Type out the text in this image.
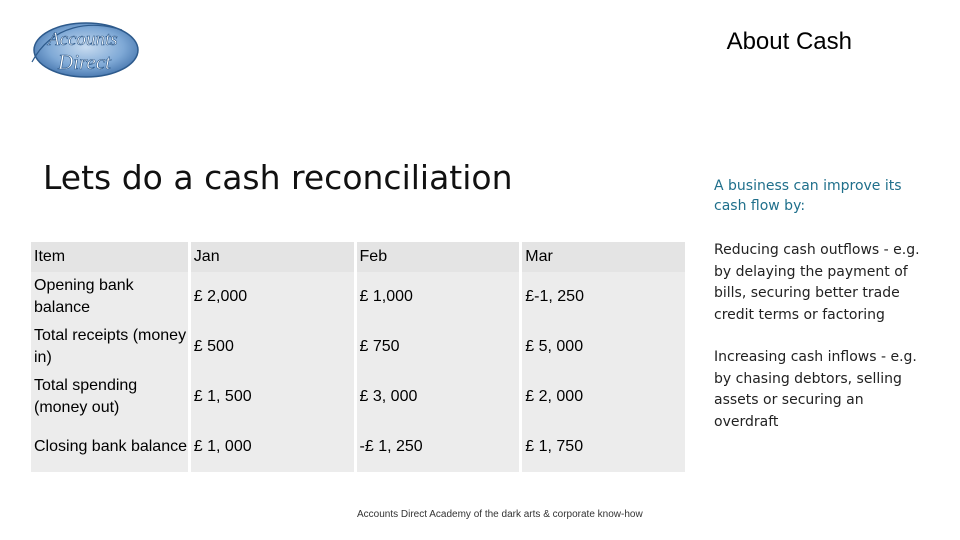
Accounts
Direct
About Cash
Lets do a cash reconciliation
Item	Jan	Feb	Mar
Opening bank balance	£ 2,000	£ 1,000	£-1, 250
Total receipts (money in)	£ 500	£ 750	£ 5, 000
Total spending (money out)	£ 1, 500	£ 3, 000	£ 2, 000
Closing bank balance	£ 1, 000	-£ 1, 250	£ 1, 750
A business can improve its cash flow by:
Reducing cash outflows - e.g. by delaying the payment of bills, securing better trade credit terms or factoring
Increasing cash inflows - e.g. by chasing debtors, selling assets or securing an overdraft
Accounts Direct Academy of the dark arts & corporate know-how
